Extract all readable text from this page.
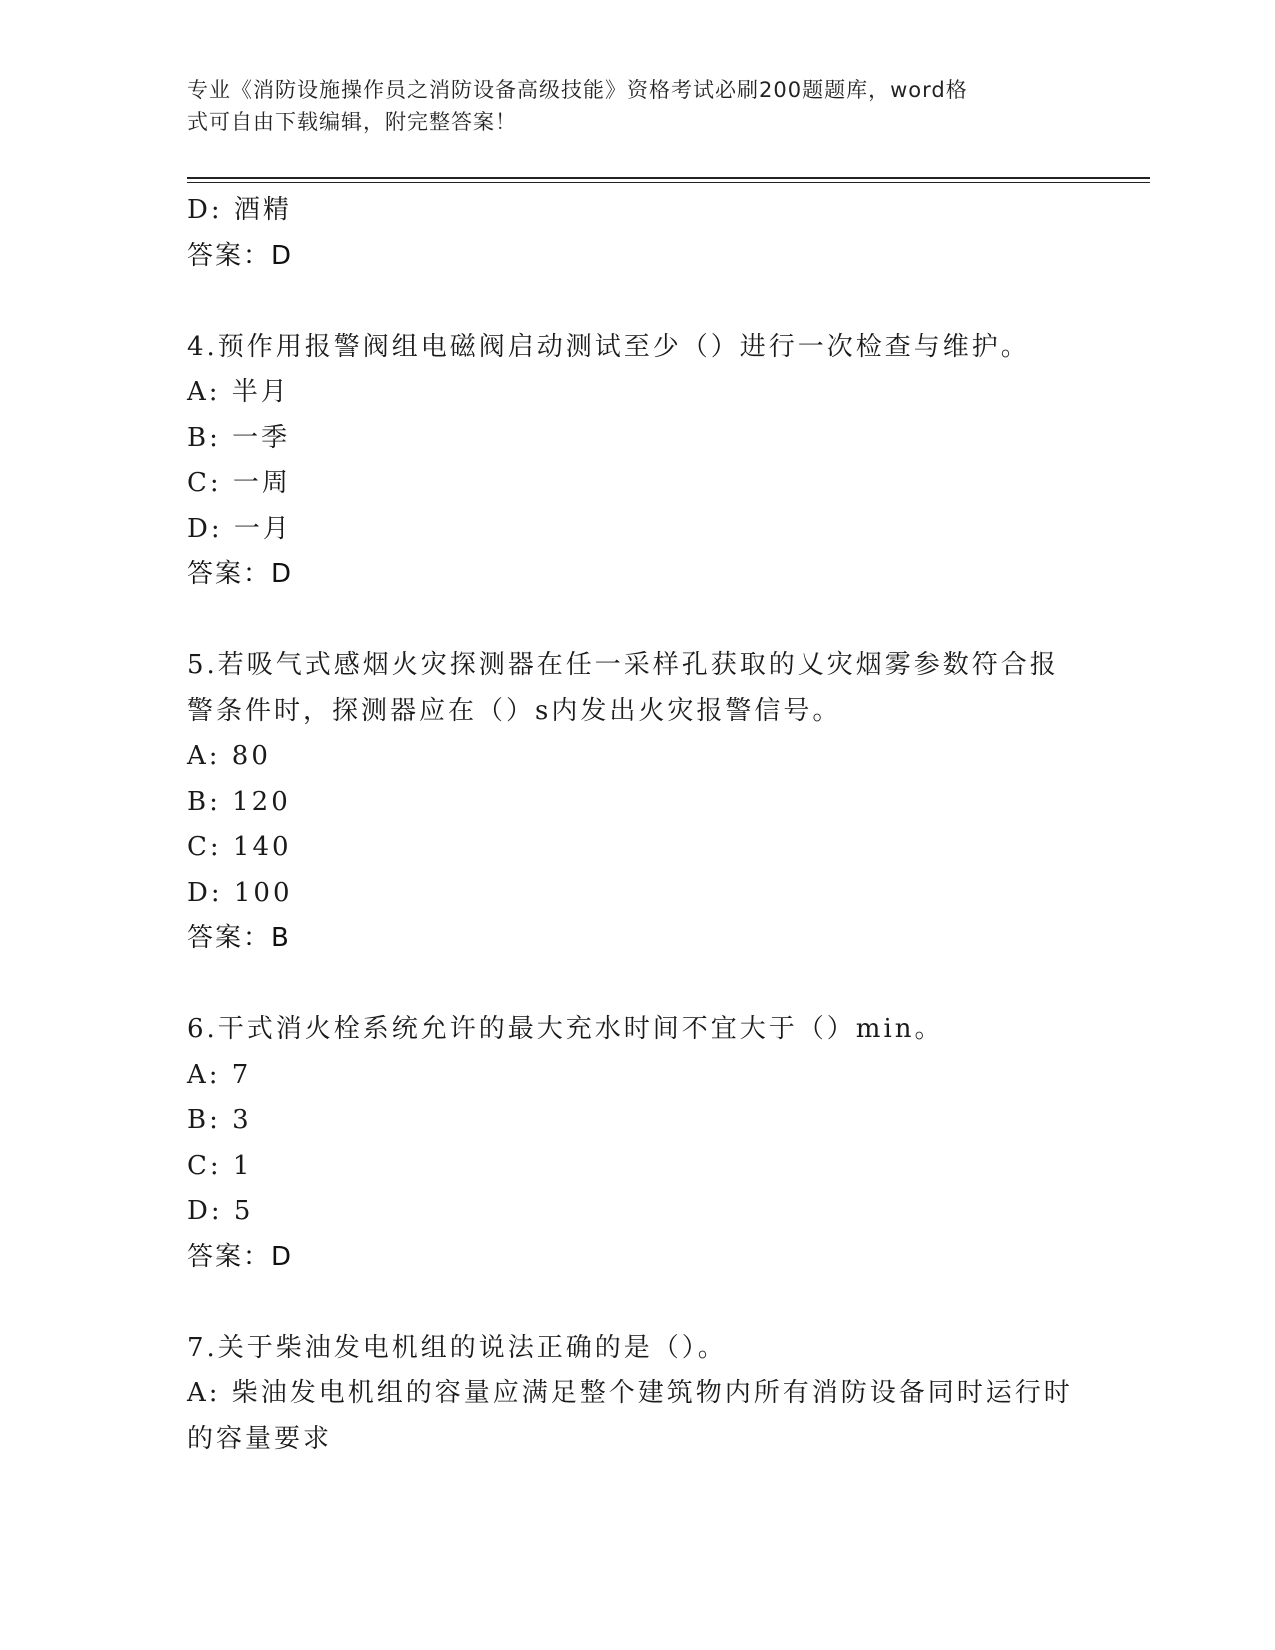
专业《消防设施操作员之消防设备高级技能》资格考试必刷200题题库，word格
式可自由下载编辑，附完整答案！
D: 酒精
答案：D
4.预作用报警阀组电磁阀启动测试至少（）进行一次检查与维护。
A: 半月
B: 一季
C: 一周
D: 一月
答案：D
5.若吸气式感烟火灾探测器在任一采样孔获取的乂灾烟雾参数符合报
警条件时，探测器应在（）s内发出火灾报警信号。
A: 80
B: 120
C: 140
D: 100
答案：B
6.干式消火栓系统允许的最大充水时间不宜大于（）min。
A: 7
B: 3
C: 1
D: 5
答案：D
7.关于柴油发电机组的说法正确的是（）。
A: 柴油发电机组的容量应满足整个建筑物内所有消防设备同时运行时
的容量要求
